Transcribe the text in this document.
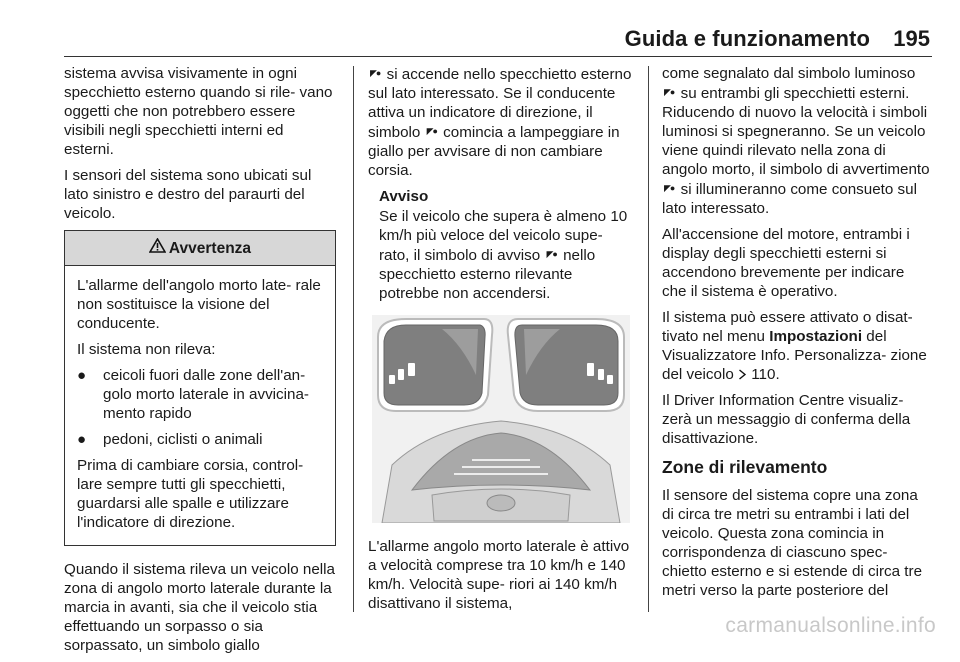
Guida e funzionamento 195

sistema avvisa visivamente in ogni specchietto esterno quando si rile- vano oggetti che non potrebbero essere visibili negli specchietti interni ed esterni.

I sensori del sistema sono ubicati sul lato sinistro e destro del paraurti del veicolo.

Avvertenza

L'allarme dell'angolo morto late- rale non sostituisce la visione del conducente.

Il sistema non rileva:

● ceicoli fuori dalle zone dell'an- golo morto laterale in avvicina- mento rapido
● pedoni, ciclisti o animali

Prima di cambiare corsia, control- lare sempre tutti gli specchietti, guardarsi alle spalle e utilizzare l'indicatore di direzione.

Quando il sistema rileva un veicolo nella zona di angolo morto laterale durante la marcia in avanti, sia che il veicolo stia effettuando un sorpasso o sia sorpassato, un simbolo giallo

◤● si accende nello specchietto esterno sul lato interessato. Se il conducente attiva un indicatore di direzione, il simbolo ◤● comincia a lampeggiare in giallo per avvisare di non cambiare corsia.

Avviso
Se il veicolo che supera è almeno 10 km/h più veloce del veicolo supe- rato, il simbolo di avviso ◤● nello specchietto esterno rilevante potrebbe non accendersi.

L'allarme angolo morto laterale è attivo a velocità comprese tra 10 km/h e 140 km/h. Velocità supe- riori ai 140 km/h disattivano il sistema,

come segnalato dal simbolo luminoso ◤● su entrambi gli specchietti esterni. Riducendo di nuovo la velocità i simboli luminosi si spegneranno. Se un veicolo viene quindi rilevato nella zona di angolo morto, il simbolo di avvertimento ◤● si illumineranno come consueto sul lato interessato.

All'accensione del motore, entrambi i display degli specchietti esterni si accendono brevemente per indicare che il sistema è operativo.

Il sistema può essere attivato o disat- tivato nel menu Impostazioni del Visualizzatore Info. Personalizza- zione del veicolo 110.

Il Driver Information Centre visualiz- zerà un messaggio di conferma della disattivazione.

Zone di rilevamento

Il sensore del sistema copre una zona di circa tre metri su entrambi i lati del veicolo. Questa zona comincia in corrispondenza di ciascuno spec- chietto esterno e si estende di circa tre metri verso la parte posteriore del

carmanualsonline.info
